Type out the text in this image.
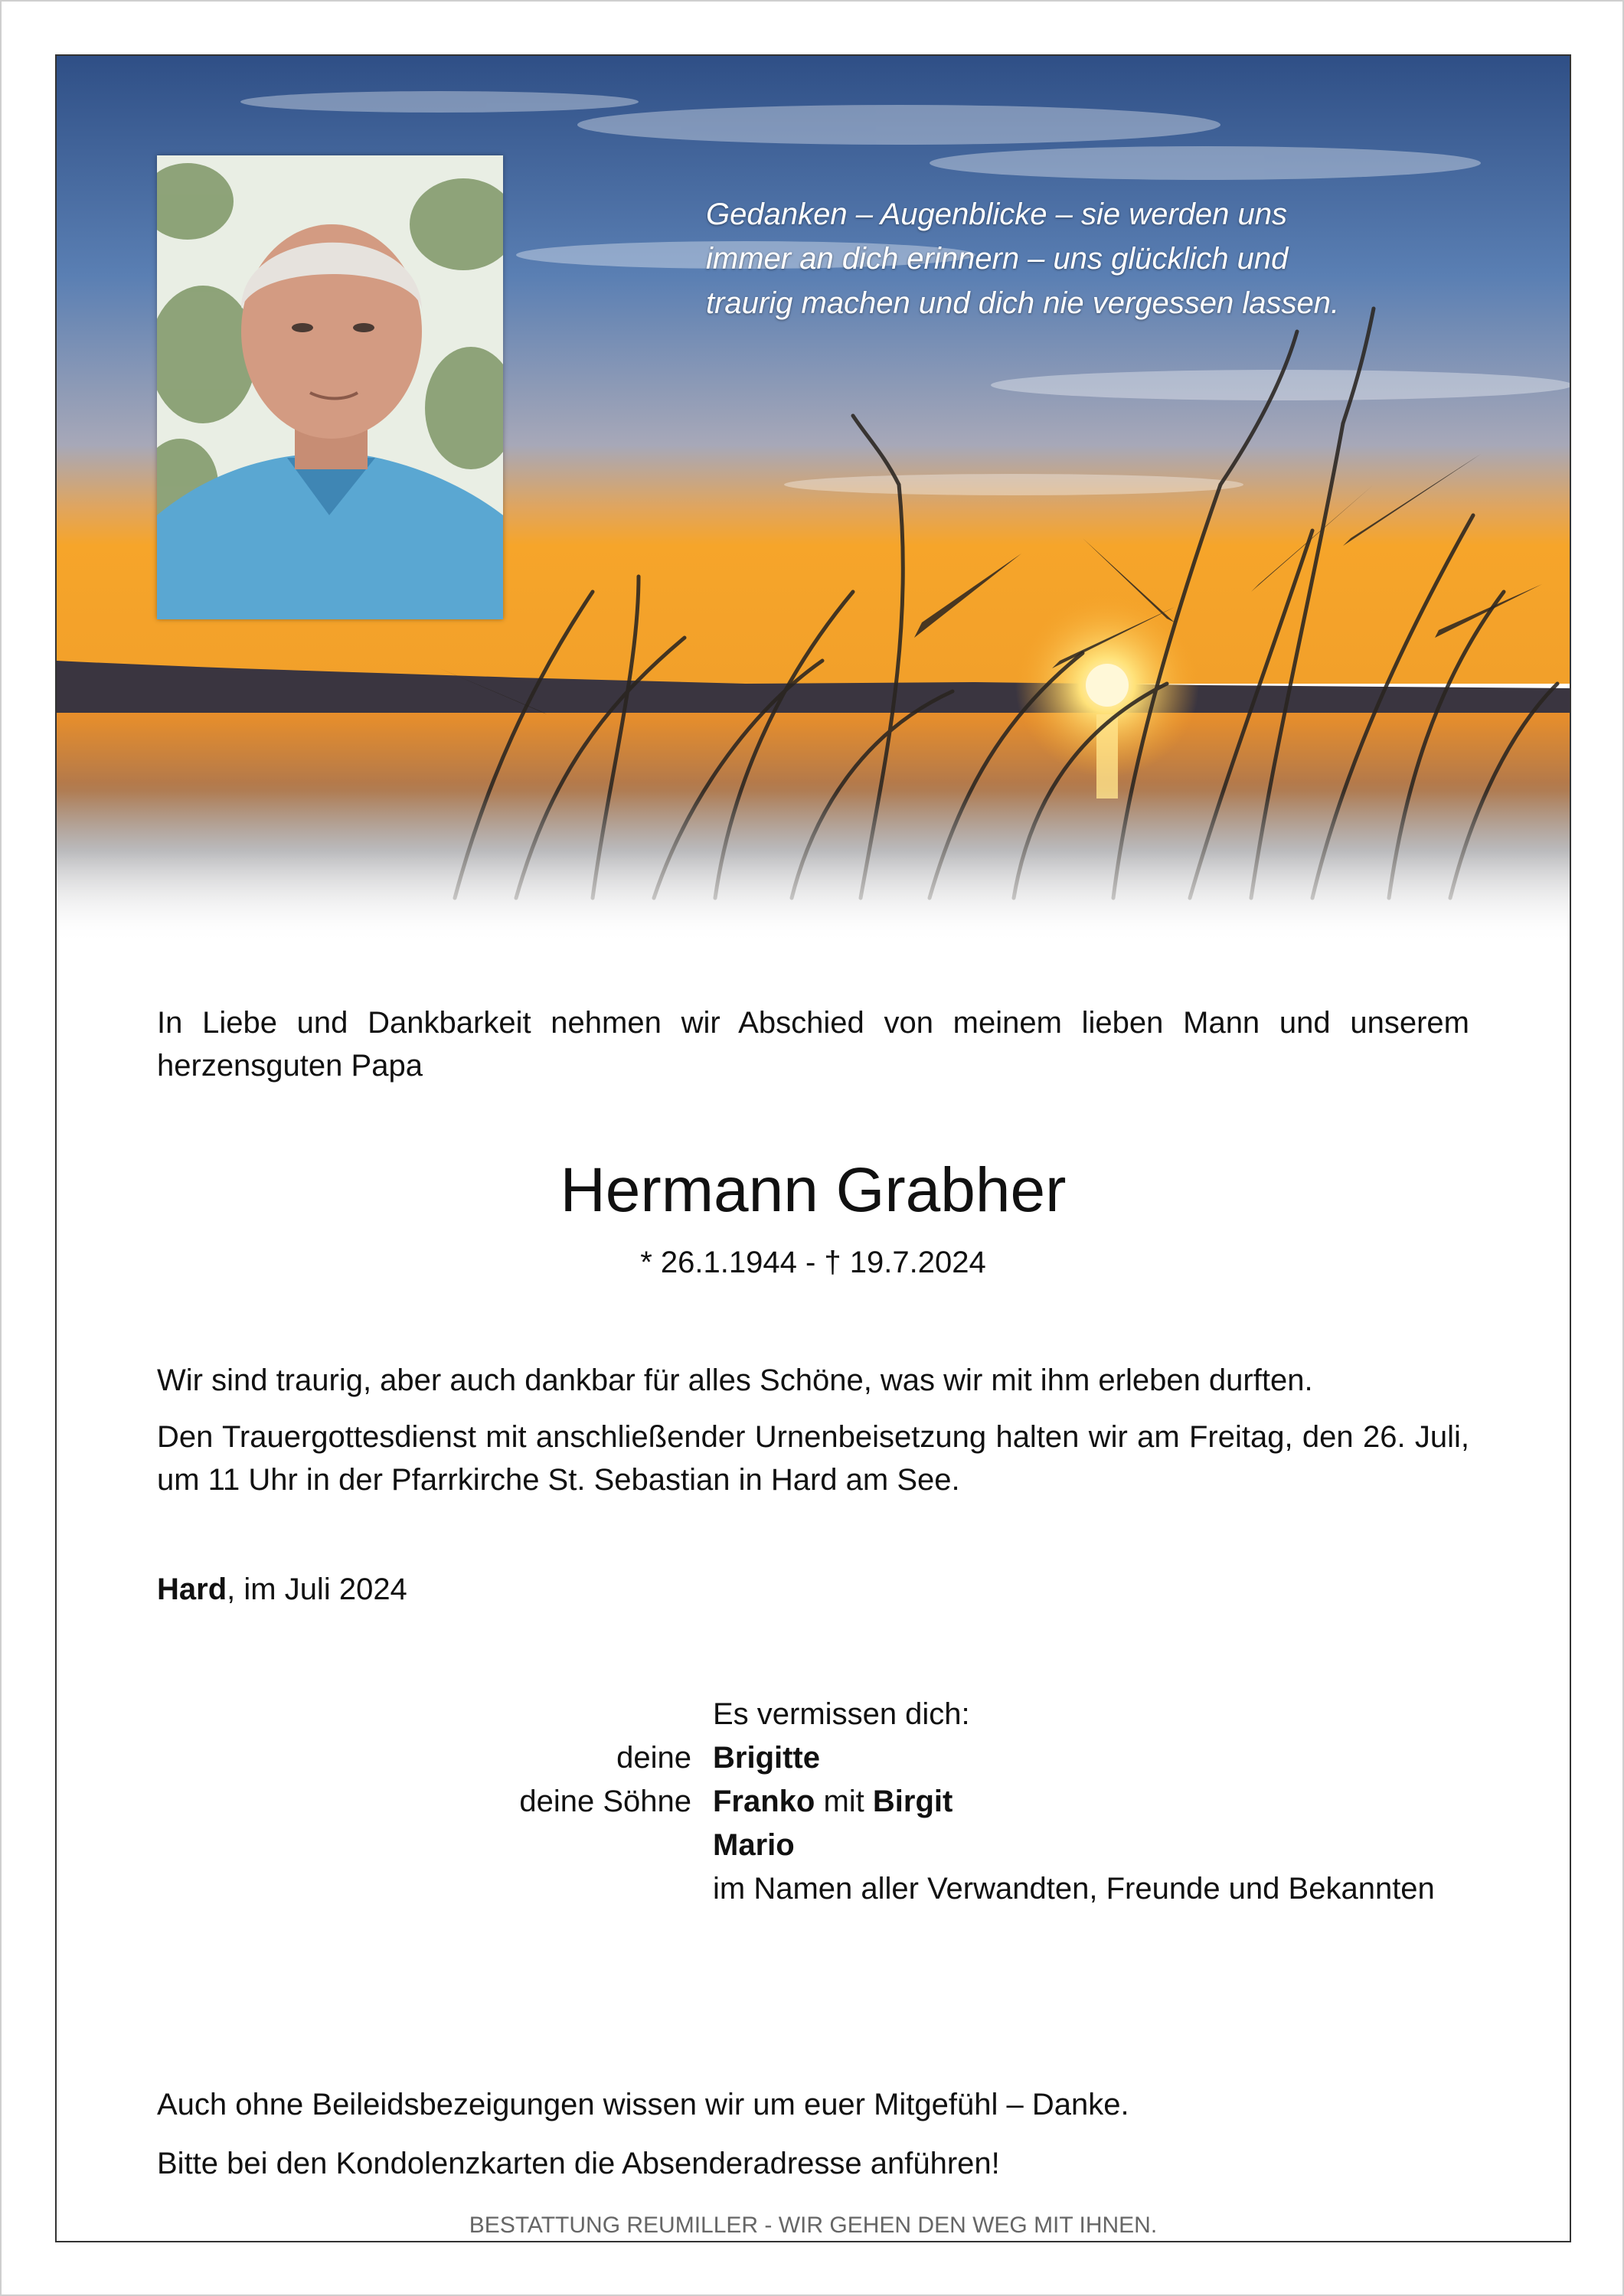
Gedanken – Augenblicke – sie werden uns
immer an dich erinnern – uns glücklich und
traurig machen und dich nie vergessen lassen.
In Liebe und Dankbarkeit nehmen wir Abschied von meinem lieben Mann und unserem herzensguten Papa
Hermann Grabher
* 26.1.1944 - † 19.7.2024
Wir sind traurig, aber auch dankbar für alles Schöne, was wir mit ihm erleben durften.
Den Trauergottesdienst mit anschließender Urnenbeisetzung halten wir am Freitag, den 26. Juli, um 11 Uhr in der Pfarrkirche St. Sebastian in Hard am See.
Hard, im Juli 2024
Es vermissen dich:
deine Brigitte
deine Söhne Franko mit Birgit
Mario
im Namen aller Verwandten, Freunde und Bekannten
Auch ohne Beileidsbezeigungen wissen wir um euer Mitgefühl – Danke.
Bitte bei den Kondolenzkarten die Absenderadresse anführen!
BESTATTUNG REUMILLER - WIR GEHEN DEN WEG MIT IHNEN.
